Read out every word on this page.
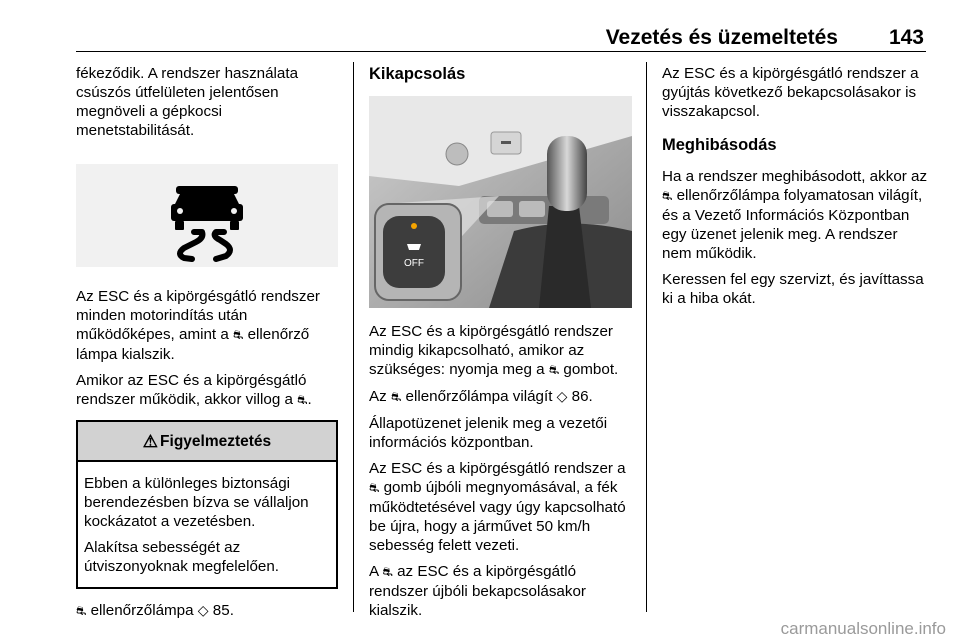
Vezetés és üzemeltetés 143

fékeződik. A rendszer használata csúszós útfelületen jelentősen megnöveli a gépkocsi menetstabilitását.

Az ESC és a kipörgésgátló rendszer minden motorindítás után működőképes, amint a ⛐ ellenőrző lámpa kialszik.

Amikor az ESC és a kipörgésgátló rendszer működik, akkor villog a ⛐.

⚠ Figyelmeztetés

Ebben a különleges biztonsági berendezésben bízva se vállaljon kockázatot a vezetésben.

Alakítsa sebességét az útviszonyoknak megfelelően.

⛐ ellenőrzőlámpa ◇ 85.

Kikapcsolás
OFF

Az ESC és a kipörgésgátló rendszer mindig kikapcsolható, amikor az szükséges: nyomja meg a ⛐ gombot.

Az ⛐ ellenőrzőlámpa világít ◇ 86.

Állapotüzenet jelenik meg a vezetői információs központban.

Az ESC és a kipörgésgátló rendszer a ⛐ gomb újbóli megnyomásával, a fék működtetésével vagy úgy kapcsolható be újra, hogy a járművet 50 km/h sebesség felett vezeti.

A ⛐ az ESC és a kipörgésgátló rendszer újbóli bekapcsolásakor kialszik.

Az ESC és a kipörgésgátló rendszer a gyújtás következő bekapcsolásakor is visszakapcsol.

Meghibásodás

Ha a rendszer meghibásodott, akkor az ⛐ ellenőrzőlámpa folyamatosan világít, és a Vezető Információs Központban egy üzenet jelenik meg. A rendszer nem működik.

Keressen fel egy szervizt, és javíttassa ki a hiba okát.

carmanualsonline.info
